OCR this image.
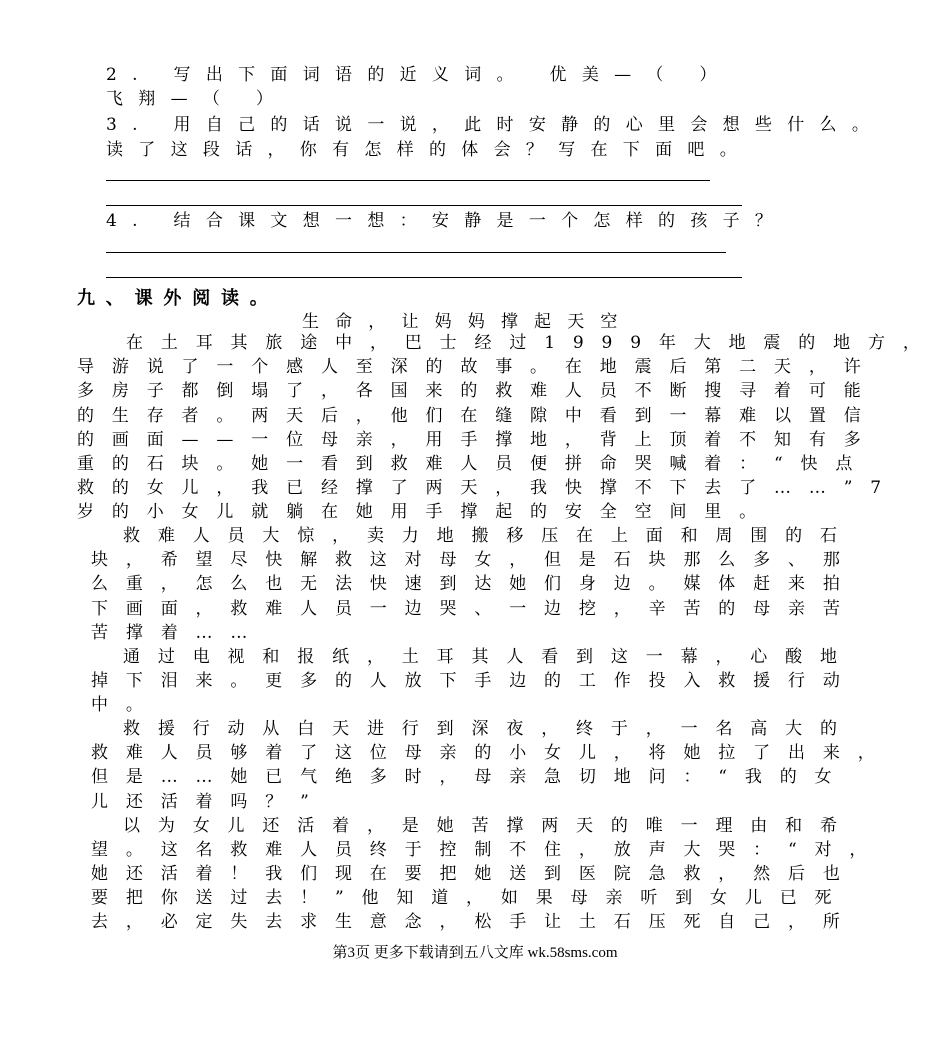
2. 写出下面词语的近义词。 优美—（ ）
飞翔—（ ）
3. 用自己的话说一说，此时安静的心里会想些什么。
读了这段话，你有怎样的体会？写在下面吧。
4. 结合课文想一想：安静是一个怎样的孩子？
九、课外阅读。
生命，让妈妈撑起天空
在土耳其旅途中，巴士经过1999年大地震的地方，
导游说了一个感人至深的故事。在地震后第二天，许
多房子都倒塌了，各国来的救难人员不断搜寻着可能
的生存者。两天后，他们在缝隙中看到一幕难以置信
的画面——一位母亲，用手撑地，背上顶着不知有多
重的石块。她一看到救难人员便拼命哭喊着：“快点
救的女儿，我已经撑了两天，我快撑不下去了……”7
岁的小女儿就躺在她用手撑起的安全空间里。
救难人员大惊，卖力地搬移压在上面和周围的石
块，希望尽快解救这对母女，但是石块那么多、那
么重，怎么也无法快速到达她们身边。媒体赶来拍
下画面，救难人员一边哭、一边挖，辛苦的母亲苦
苦撑着……
通过电视和报纸，土耳其人看到这一幕，心酸地
掉下泪来。更多的人放下手边的工作投入救援行动
中。
救援行动从白天进行到深夜，终于，一名高大的
救难人员够着了这位母亲的小女儿，将她拉了出来，
但是……她已气绝多时，母亲急切地问：“我的女
儿还活着吗？”
以为女儿还活着，是她苦撑两天的唯一理由和希
望。这名救难人员终于控制不住，放声大哭：“对，
她还活着！我们现在要把她送到医院急救，然后也
要把你送过去！”他知道，如果母亲听到女儿已死
去，必定失去求生意念，松手让土石压死自己，所
第3页 更多下载请到五八文库 wk.58sms.com
